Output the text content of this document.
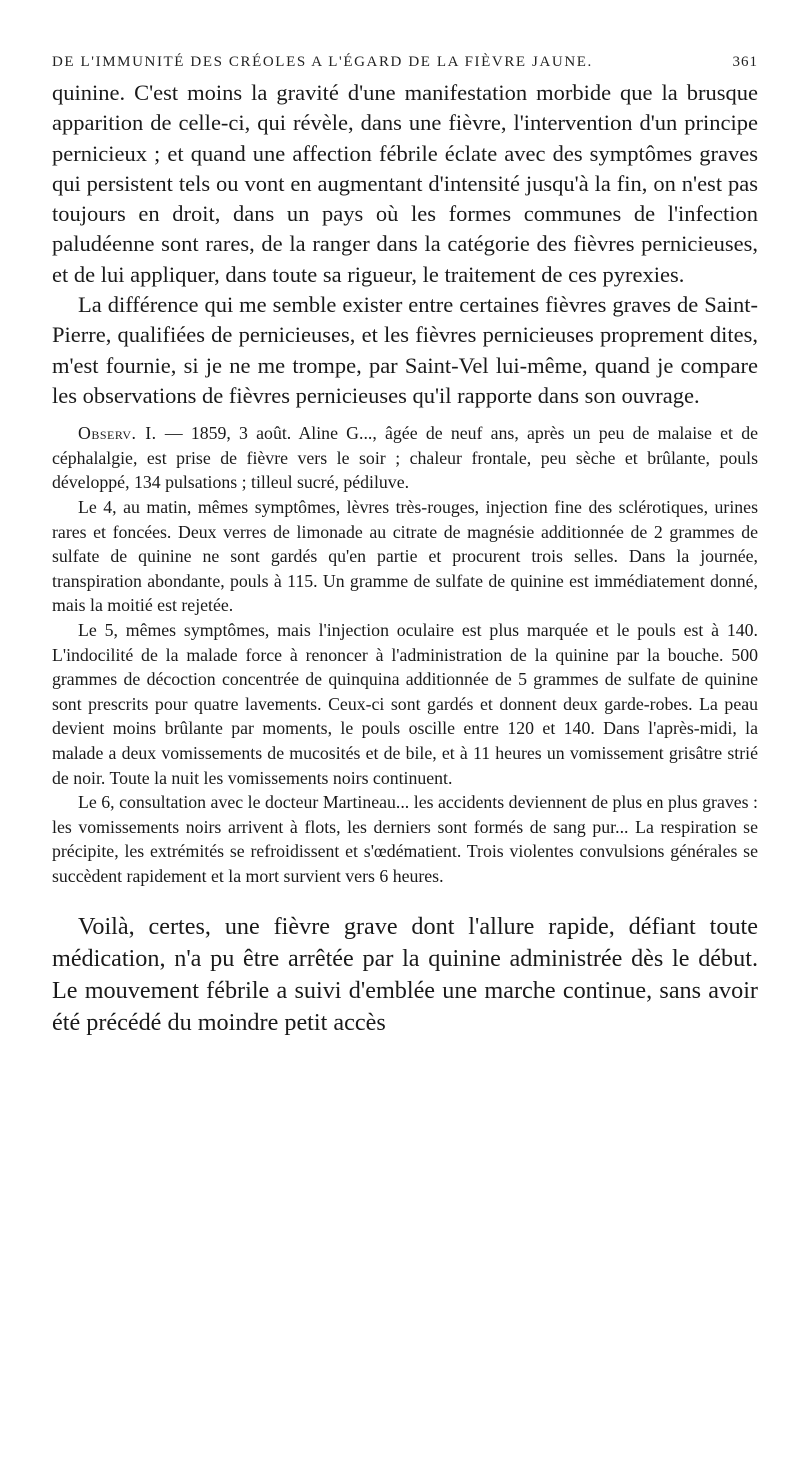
DE L'IMMUNITÉ DES CRÉOLES A L'ÉGARD DE LA FIÈVRE JAUNE.	361

quinine. C'est moins la gravité d'une manifestation morbide que la brusque apparition de celle-ci, qui révèle, dans une fièvre, l'intervention d'un principe pernicieux ; et quand une affection fébrile éclate avec des symptômes graves qui persistent tels ou vont en augmentant d'intensité jusqu'à la fin, on n'est pas toujours en droit, dans un pays où les formes communes de l'infection paludéenne sont rares, de la ranger dans la catégorie des fièvres pernicieuses, et de lui appliquer, dans toute sa rigueur, le traitement de ces pyrexies.

La différence qui me semble exister entre certaines fièvres graves de Saint-Pierre, qualifiées de pernicieuses, et les fièvres pernicieuses proprement dites, m'est fournie, si je ne me trompe, par Saint-Vel lui-même, quand je compare les observations de fièvres pernicieuses qu'il rapporte dans son ouvrage.

Observ. I. — 1859, 3 août. Aline G..., âgée de neuf ans, après un peu de malaise et de céphalalgie, est prise de fièvre vers le soir ; chaleur frontale, peu sèche et brûlante, pouls développé, 134 pulsations ; tilleul sucré, pédiluve.

Le 4, au matin, mêmes symptômes, lèvres très-rouges, injection fine des sclérotiques, urines rares et foncées. Deux verres de limonade au citrate de magnésie additionnée de 2 grammes de sulfate de quinine ne sont gardés qu'en partie et procurent trois selles. Dans la journée, transpiration abondante, pouls à 115. Un gramme de sulfate de quinine est immédiatement donné, mais la moitié est rejetée.

Le 5, mêmes symptômes, mais l'injection oculaire est plus marquée et le pouls est à 140. L'indocilité de la malade force à renoncer à l'administration de la quinine par la bouche. 500 grammes de décoction concentrée de quinquina additionnée de 5 grammes de sulfate de quinine sont prescrits pour quatre lavements. Ceux-ci sont gardés et donnent deux garde-robes. La peau devient moins brûlante par moments, le pouls oscille entre 120 et 140. Dans l'après-midi, la malade a deux vomissements de mucosités et de bile, et à 11 heures un vomissement grisâtre strié de noir. Toute la nuit les vomissements noirs continuent.

Le 6, consultation avec le docteur Martineau... les accidents deviennent de plus en plus graves : les vomissements noirs arrivent à flots, les derniers sont formés de sang pur... La respiration se précipite, les extrémités se refroidissent et s'œdématient. Trois violentes convulsions générales se succèdent rapidement et la mort survient vers 6 heures.

Voilà, certes, une fièvre grave dont l'allure rapide, défiant toute médication, n'a pu être arrêtée par la quinine administrée dès le début. Le mouvement fébrile a suivi d'emblée une marche continue, sans avoir été précédé du moindre petit accès
